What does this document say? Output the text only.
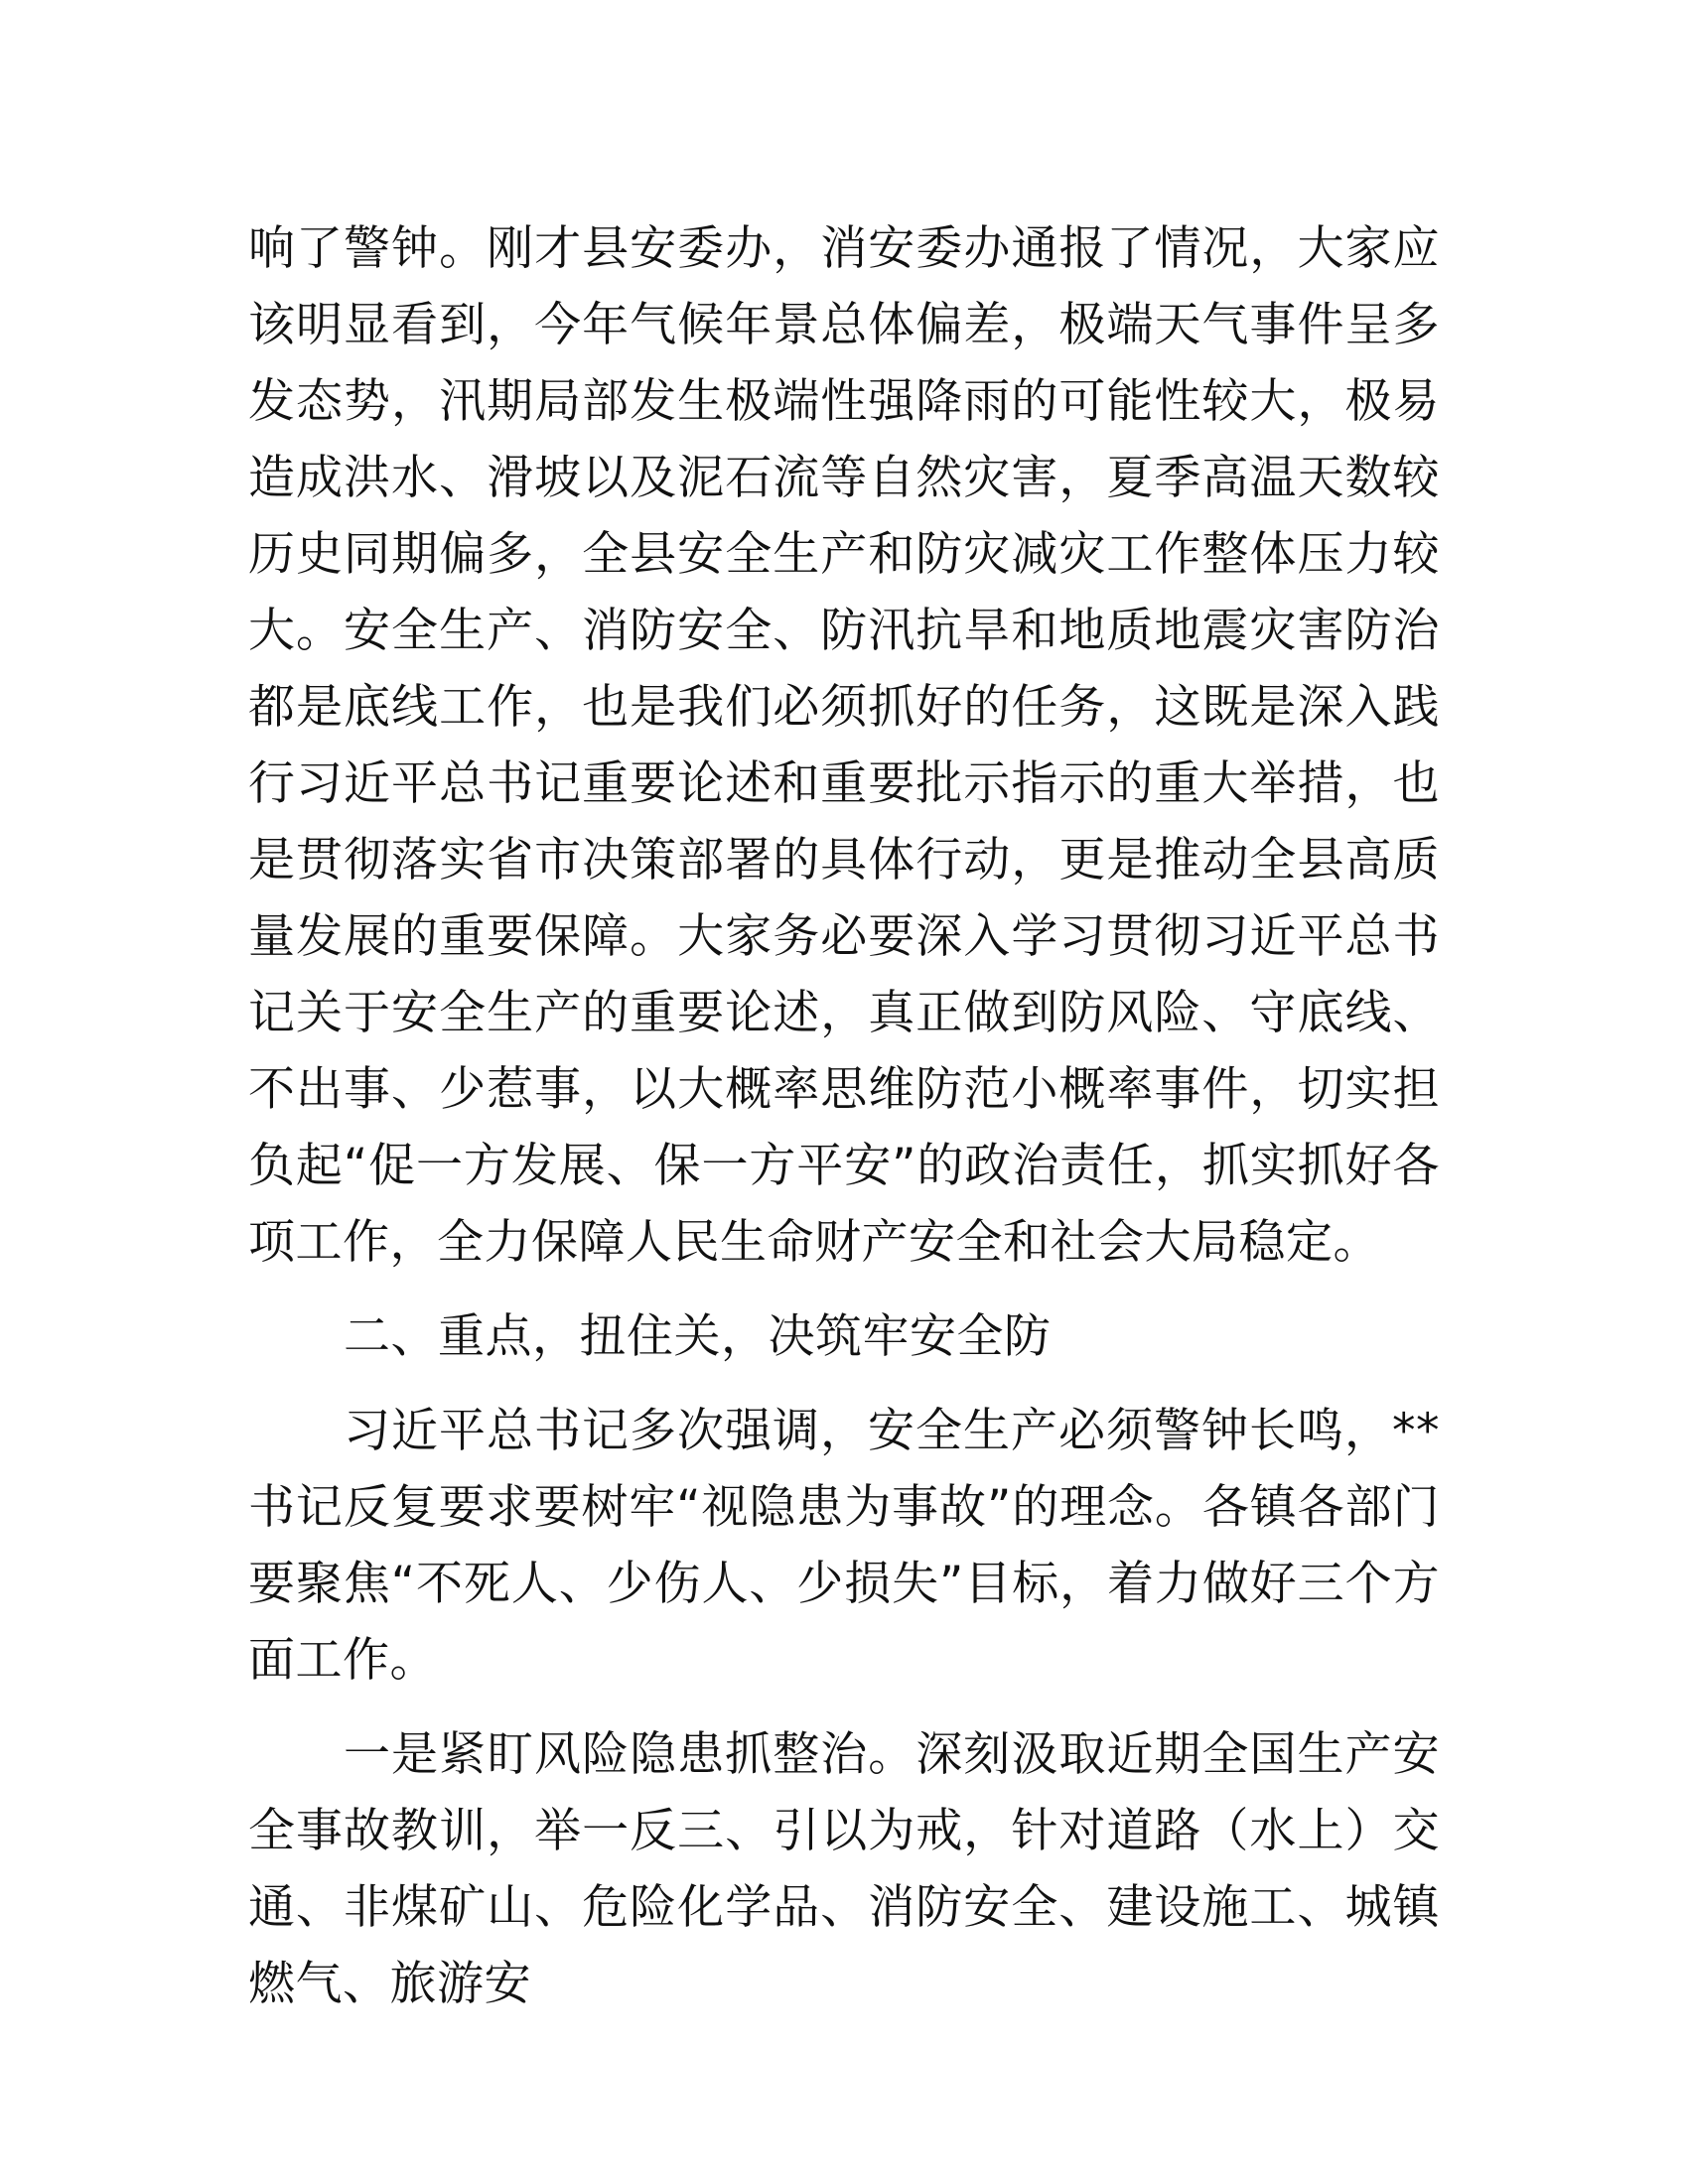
响了警钟。刚才县安委办，消安委办通报了情况，大家应该明显看到，今年气候年景总体偏差，极端天气事件呈多发态势，汛期局部发生极端性强降雨的可能性较大，极易造成洪水、滑坡以及泥石流等自然灾害，夏季高温天数较历史同期偏多，全县安全生产和防灾减灾工作整体压力较大。安全生产、消防安全、防汛抗旱和地质地震灾害防治都是底线工作，也是我们必须抓好的任务，这既是深入践行习近平总书记重要论述和重要批示指示的重大举措，也是贯彻落实省市决策部署的具体行动，更是推动全县高质量发展的重要保障。大家务必要深入学习贯彻习近平总书记关于安全生产的重要论述，真正做到防风险、守底线、不出事、少惹事，以大概率思维防范小概率事件，切实担负起“促一方发展、保一方平安”的政治责任，抓实抓好各项工作，全力保障人民生命财产安全和社会大局稳定。

二、重点，扭住关，决筑牢安全防

习近平总书记多次强调，安全生产必须警钟长鸣，**书记反复要求要树牢“视隐患为事故”的理念。各镇各部门要聚焦“不死人、少伤人、少损失”目标，着力做好三个方面工作。

一是紧盯风险隐患抓整治。深刻汲取近期全国生产安全事故教训，举一反三、引以为戒，针对道路（水上）交通、非煤矿山、危险化学品、消防安全、建设施工、城镇燃气、旅游安
